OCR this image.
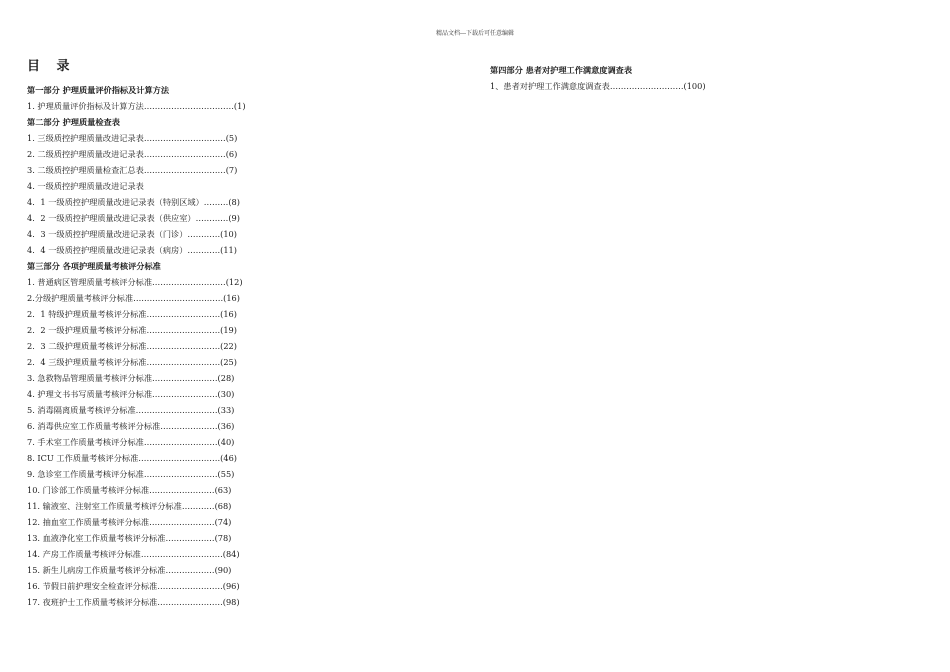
精品文档---下载后可任意编辑
目 录
第一部分 护理质量评价指标及计算方法
1. 护理质量评价指标及计算方法 …………………………… (1)
第二部分 护理质量检查表
1. 三级质控护理质量改进记录表 ………………………… (5)
2. 二级质控护理质量改进记录表 ………………………… (6)
3. 二级质控护理质量检查汇总表 ………………………… (7)
4. 一级质控护理质量改进记录表
4．1 一级质控护理质量改进记录表（特别区域） ……… (8)
4．2 一级质控护理质量改进记录表（供应室） ………… (9)
4．3 一级质控护理质量改进记录表（门诊） ………… (10)
4．4 一级质控护理质量改进记录表（病房） ………… (11)
第三部分 各项护理质量考核评分标准
1. 普通病区管理质量考核评分标准 ……………………… (12)
2.分级护理质量考核评分标准 …………………………… (16)
2．1 特级护理质量考核评分标准 ……………………… (16)
2．2 一级护理质量考核评分标准 ……………………… (19)
2．3 二级护理质量考核评分标准 ……………………… (22)
2．4 三级护理质量考核评分标准 ……………………… (25)
3. 急救物品管理质量考核评分标准 …………………… (28)
4. 护理文书书写质量考核评分标准 …………………… (30)
5. 消毒隔离质量考核评分标准 ………………………… (33)
6. 消毒供应室工作质量考核评分标准 ………………… (36)
7. 手术室工作质量考核评分标准 ……………………… (40)
8. ICU 工作质量考核评分标准 ………………………… (46)
9. 急诊室工作质量考核评分标准 ……………………… (55)
10. 门诊部工作质量考核评分标准 …………………… (63)
11. 输液室、注射室工作质量考核评分标准 ………… (68)
12. 抽血室工作质量考核评分标准 …………………… (74)
13. 血液净化室工作质量考核评分标准 ……………… (78)
14. 产房工作质量考核评分标准 ………………………… (84)
15. 新生儿病房工作质量考核评分标准 ……………… (90)
16. 节假日前护理安全检查评分标准 …………………… (96)
17. 夜班护士工作质量考核评分标准 …………………… (98)
第四部分 患者对护理工作满意度调查表
1、患者对护理工作满意度调查表 ……………………… (100)
